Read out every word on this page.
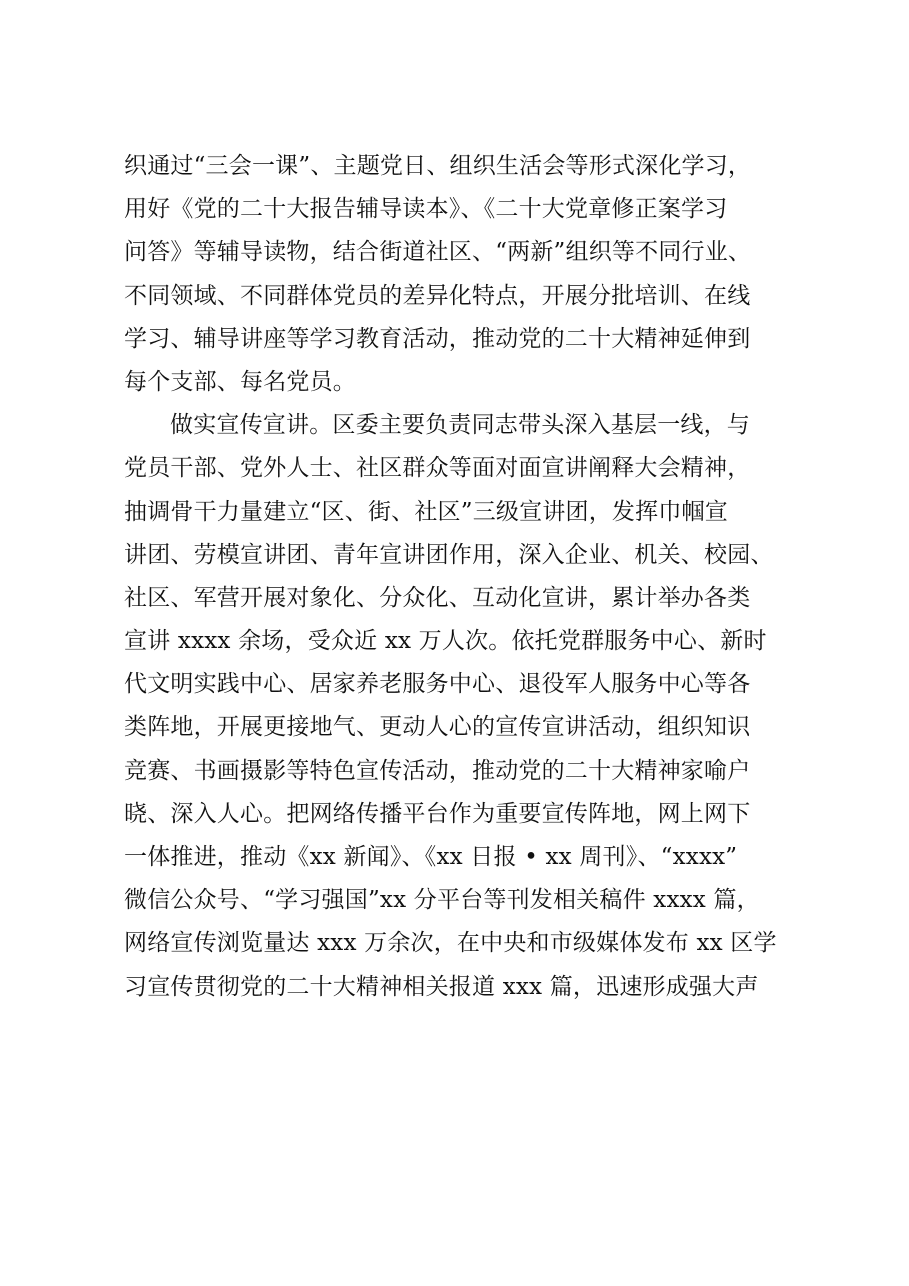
织通过“三会一课”、主题党日、组织生活会等形式深化学习，
用好《党的二十大报告辅导读本》、《二十大党章修正案学习
问答》等辅导读物，结合街道社区、“两新”组织等不同行业、
不同领域、不同群体党员的差异化特点，开展分批培训、在线
学习、辅导讲座等学习教育活动，推动党的二十大精神延伸到
每个支部、每名党员。
做实宣传宣讲。区委主要负责同志带头深入基层一线，与
党员干部、党外人士、社区群众等面对面宣讲阐释大会精神，
抽调骨干力量建立“区、街、社区”三级宣讲团，发挥巾帼宣
讲团、劳模宣讲团、青年宣讲团作用，深入企业、机关、校园、
社区、军营开展对象化、分众化、互动化宣讲，累计举办各类
宣讲 xxxx 余场，受众近 xx 万人次。依托党群服务中心、新时
代文明实践中心、居家养老服务中心、退役军人服务中心等各
类阵地，开展更接地气、更动人心的宣传宣讲活动，组织知识
竞赛、书画摄影等特色宣传活动，推动党的二十大精神家喻户
晓、深入人心。把网络传播平台作为重要宣传阵地，网上网下
一体推进，推动《xx 新闻》、《xx 日报 • xx 周刊》、“xxxx”
微信公众号、“学习强国”xx 分平台等刊发相关稿件 xxxx 篇，
网络宣传浏览量达 xxx 万余次，在中央和市级媒体发布 xx 区学
习宣传贯彻党的二十大精神相关报道 xxx 篇，迅速形成强大声
